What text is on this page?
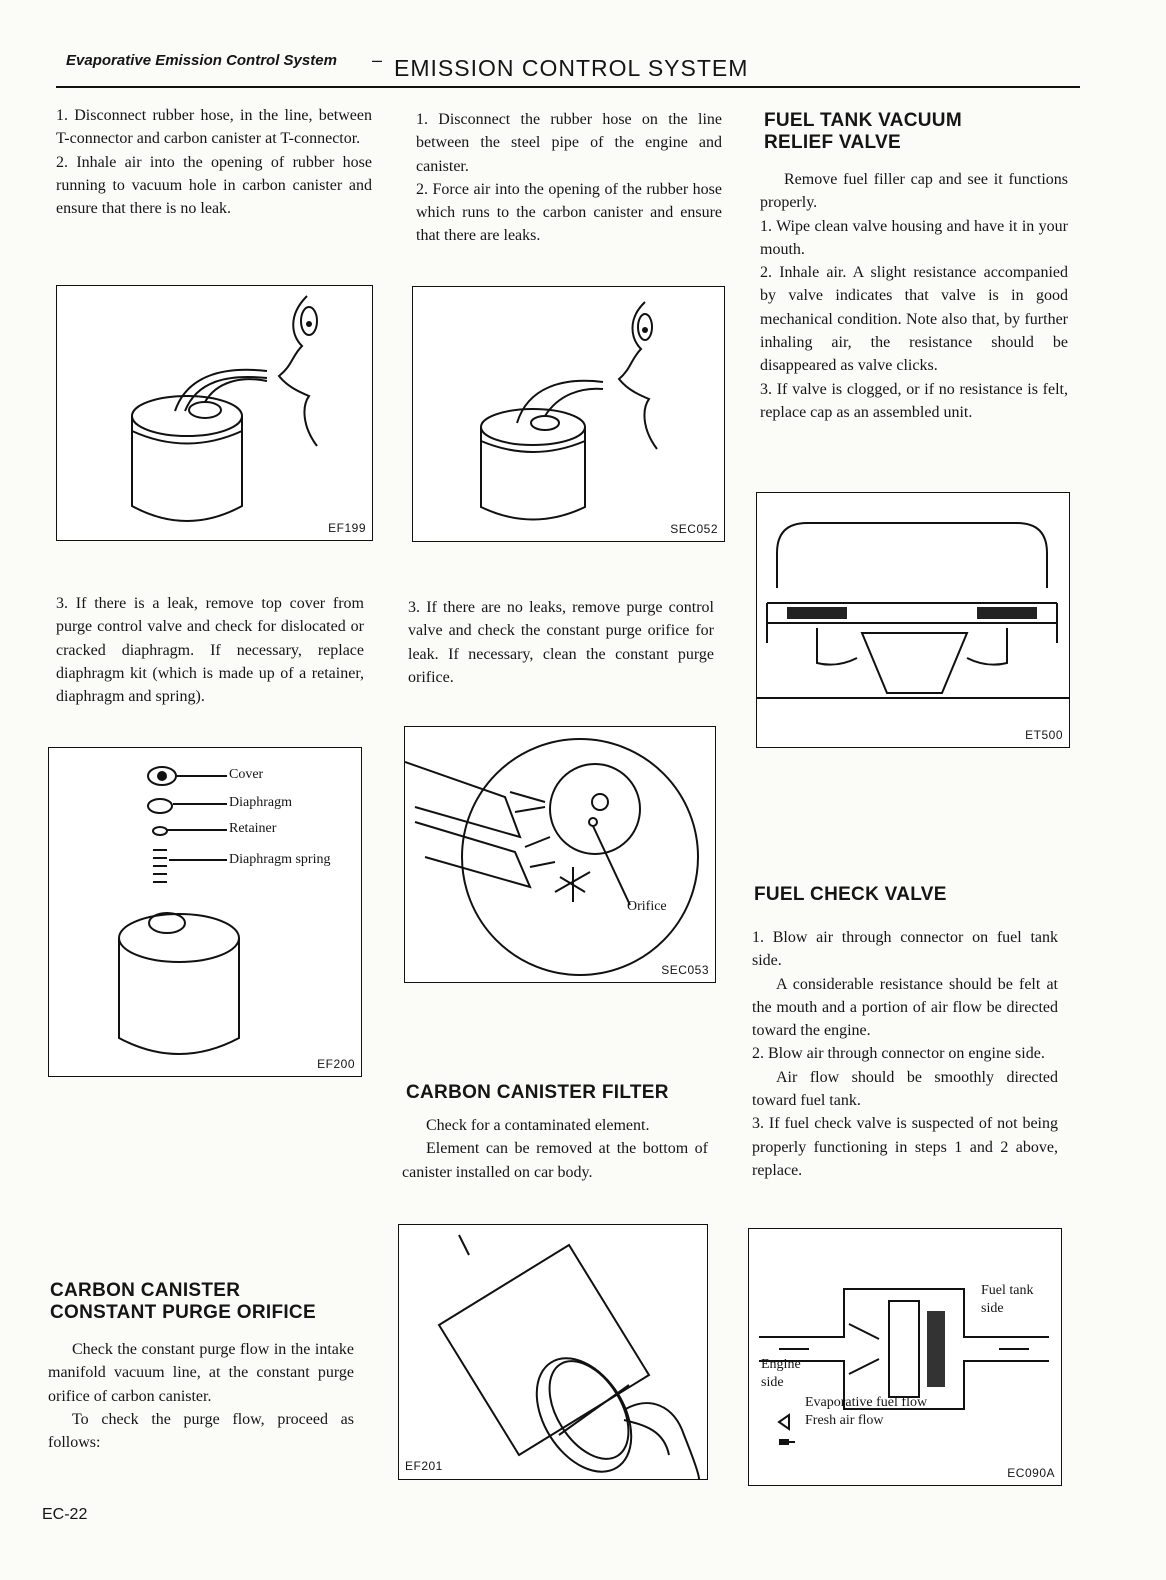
Evaporative Emission Control System – EMISSION CONTROL SYSTEM

1. Disconnect rubber hose, in the line, between T-connector and carbon canister at T-connector.

2. Inhale air into the opening of rubber hose running to vacuum hole in carbon canister and ensure that there is no leak.

EF199
3. If there is a leak, remove top cover from purge control valve and check for dislocated or cracked diaphragm. If necessary, replace diaphragm kit (which is made up of a retainer, diaphragm and spring).
Cover
Diaphragm
Retainer
Diaphragm spring
EF200
CARBON CANISTER
CONSTANT PURGE ORIFICE

Check the constant purge flow in the intake manifold vacuum line, at the constant purge orifice of carbon canister.

To check the purge flow, proceed as follows:

1. Disconnect the rubber hose on the line between the steel pipe of the engine and canister.

2. Force air into the opening of the rubber hose which runs to the carbon canister and ensure that there are leaks.

SEC052
3. If there are no leaks, remove purge control valve and check the constant purge orifice for leak. If necessary, clean the constant purge orifice.
Orifice
SEC053
CARBON CANISTER FILTER

Check for a contaminated element.

Element can be removed at the bottom of canister installed on car body.

EF201
FUEL TANK VACUUM
RELIEF VALVE

Remove fuel filler cap and see it functions properly.

1. Wipe clean valve housing and have it in your mouth.

2. Inhale air. A slight resistance accompanied by valve indicates that valve is in good mechanical condition. Note also that, by further inhaling air, the resistance should be disappeared as valve clicks.

3. If valve is clogged, or if no resistance is felt, replace cap as an assembled unit.

ET500
FUEL CHECK VALVE

1. Blow air through connector on fuel tank side.

A considerable resistance should be felt at the mouth and a portion of air flow be directed toward the engine.

2. Blow air through connector on engine side.

Air flow should be smoothly directed toward fuel tank.

3. If fuel check valve is suspected of not being properly functioning in steps 1 and 2 above, replace.

Fuel tank
side
Engine
side
Evaporative fuel flow
Fresh air flow
EC090A
EC-22
